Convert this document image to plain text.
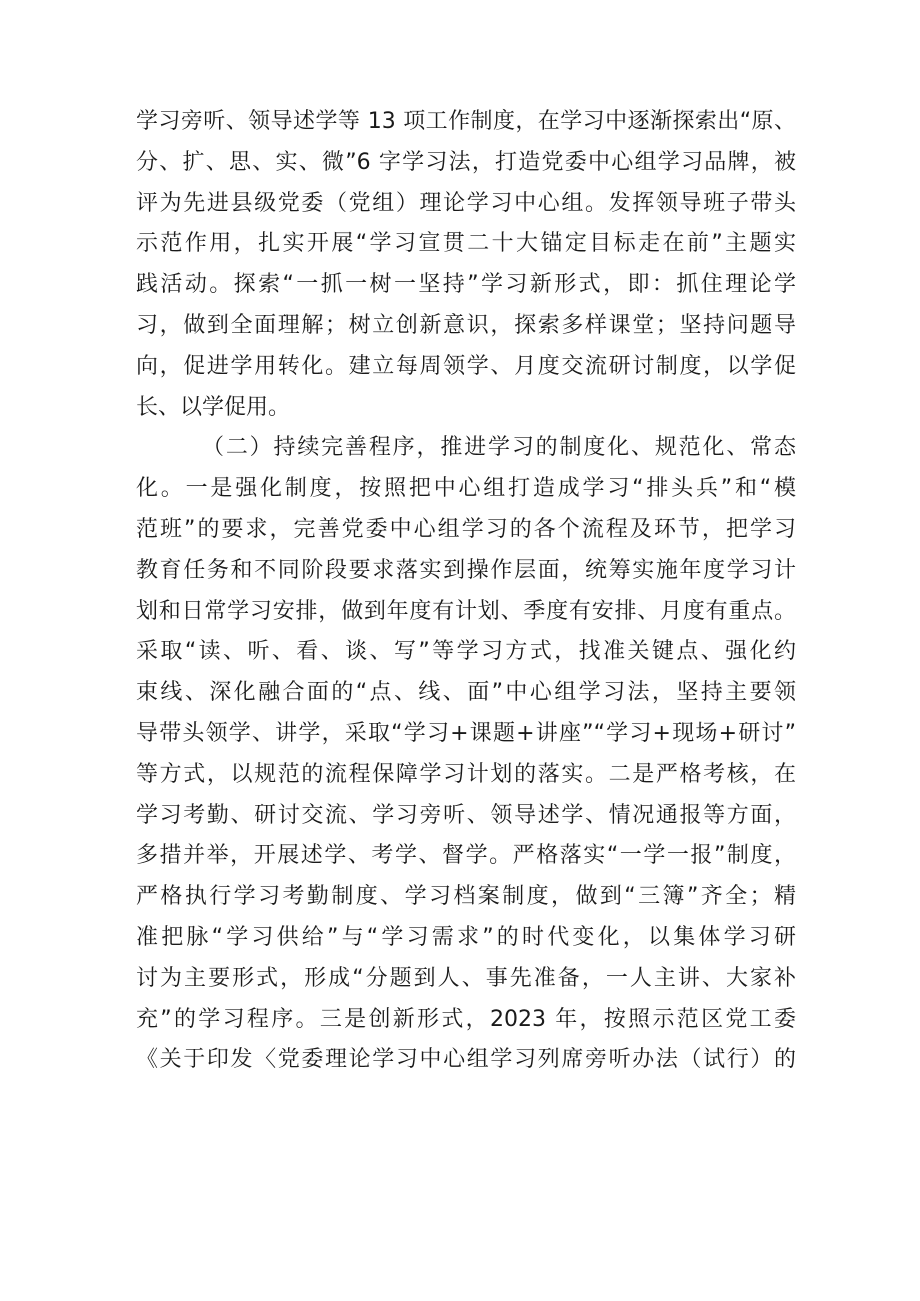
学习旁听、领导述学等 13 项工作制度，在学习中逐渐探索出“原、
分、扩、思、实、微”6 字学习法，打造党委中心组学习品牌，被
评为先进县级党委（党组）理论学习中心组。发挥领导班子带头
示范作用，扎实开展“学习宣贯二十大锚定目标走在前”主题实
践活动。探索“一抓一树一坚持”学习新形式，即：抓住理论学
习，做到全面理解；树立创新意识，探索多样课堂；坚持问题导
向，促进学用转化。建立每周领学、月度交流研讨制度，以学促
长、以学促用。
（二）持续完善程序，推进学习的制度化、规范化、常态
化。一是强化制度，按照把中心组打造成学习“排头兵”和“模
范班”的要求，完善党委中心组学习的各个流程及环节，把学习
教育任务和不同阶段要求落实到操作层面，统筹实施年度学习计
划和日常学习安排，做到年度有计划、季度有安排、月度有重点。
采取“读、听、看、谈、写”等学习方式，找准关键点、强化约
束线、深化融合面的“点、线、面”中心组学习法，坚持主要领
导带头领学、讲学，采取“学习+课题+讲座”“学习+现场+研讨”
等方式，以规范的流程保障学习计划的落实。二是严格考核，在
学习考勤、研讨交流、学习旁听、领导述学、情况通报等方面，
多措并举，开展述学、考学、督学。严格落实“一学一报”制度，
严格执行学习考勤制度、学习档案制度，做到“三簿”齐全；精
准把脉“学习供给”与“学习需求”的时代变化，以集体学习研
讨为主要形式，形成“分题到人、事先准备，一人主讲、大家补
充”的学习程序。三是创新形式，2023 年，按照示范区党工委
《关于印发〈党委理论学习中心组学习列席旁听办法（试行）的
